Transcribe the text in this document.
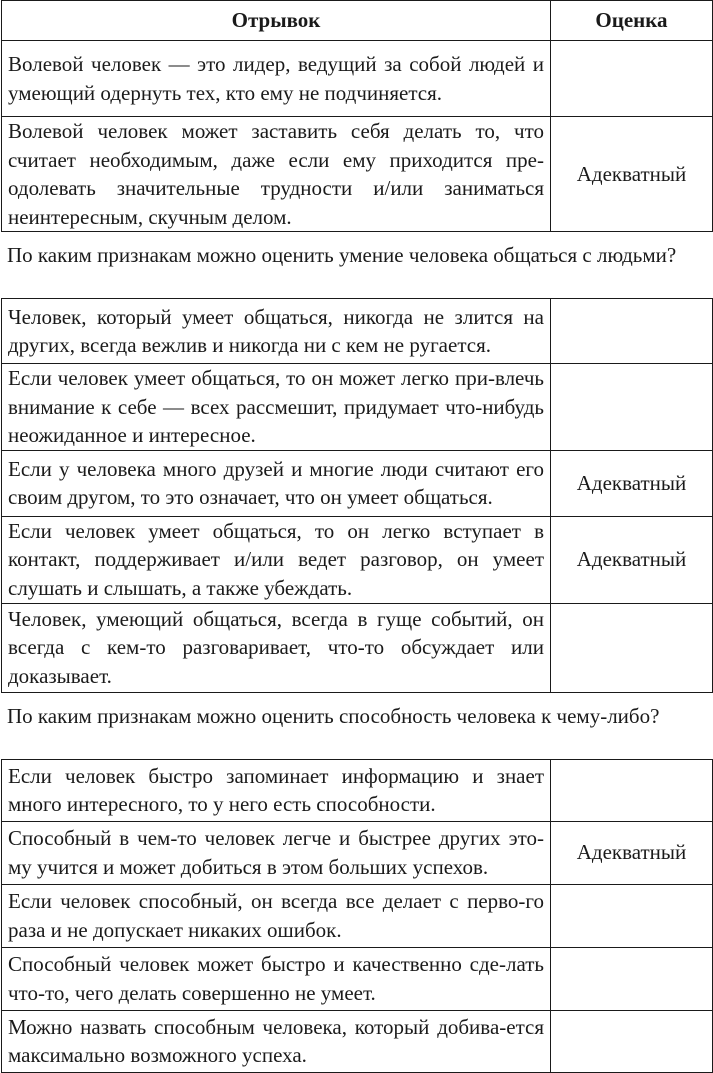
Отрывок	Оценка
Волевой человек — это лидер, ведущий за собой людей и умеющий одернуть тех, кто ему не подчиняется.	
Волевой человек может заставить себя делать то, что считает необходимым, даже если ему приходится пре-одолевать значительные трудности и/или заниматься неинтересным, скучным делом.	Адекватный

По каким признакам можно оценить умение человека общаться с людьми?

Человек, который умеет общаться, никогда не злится на других, всегда вежлив и никогда ни с кем не ругается.	
Если человек умеет общаться, то он может легко при-влечь внимание к себе — всех рассмешит, придумает что-нибудь неожиданное и интересное.	
Если у человека много друзей и многие люди считают его своим другом, то это означает, что он умеет общаться.	Адекватный
Если человек умеет общаться, то он легко вступает в контакт, поддерживает и/или ведет разговор, он умеет слушать и слышать, а также убеждать.	Адекватный
Человек, умеющий общаться, всегда в гуще событий, он всегда с кем-то разговаривает, что-то обсуждает или доказывает.	

По каким признакам можно оценить способность человека к чему-либо?

Если человек быстро запоминает информацию и знает много интересного, то у него есть способности.	
Способный в чем-то человек легче и быстрее других это-му учится и может добиться в этом больших успехов.	Адекватный
Если человек способный, он всегда все делает с перво-го раза и не допускает никаких ошибок.	
Способный человек может быстро и качественно сде-лать что-то, чего делать совершенно не умеет.	
Можно назвать способным человека, который добива-ется максимально возможного успеха.	
